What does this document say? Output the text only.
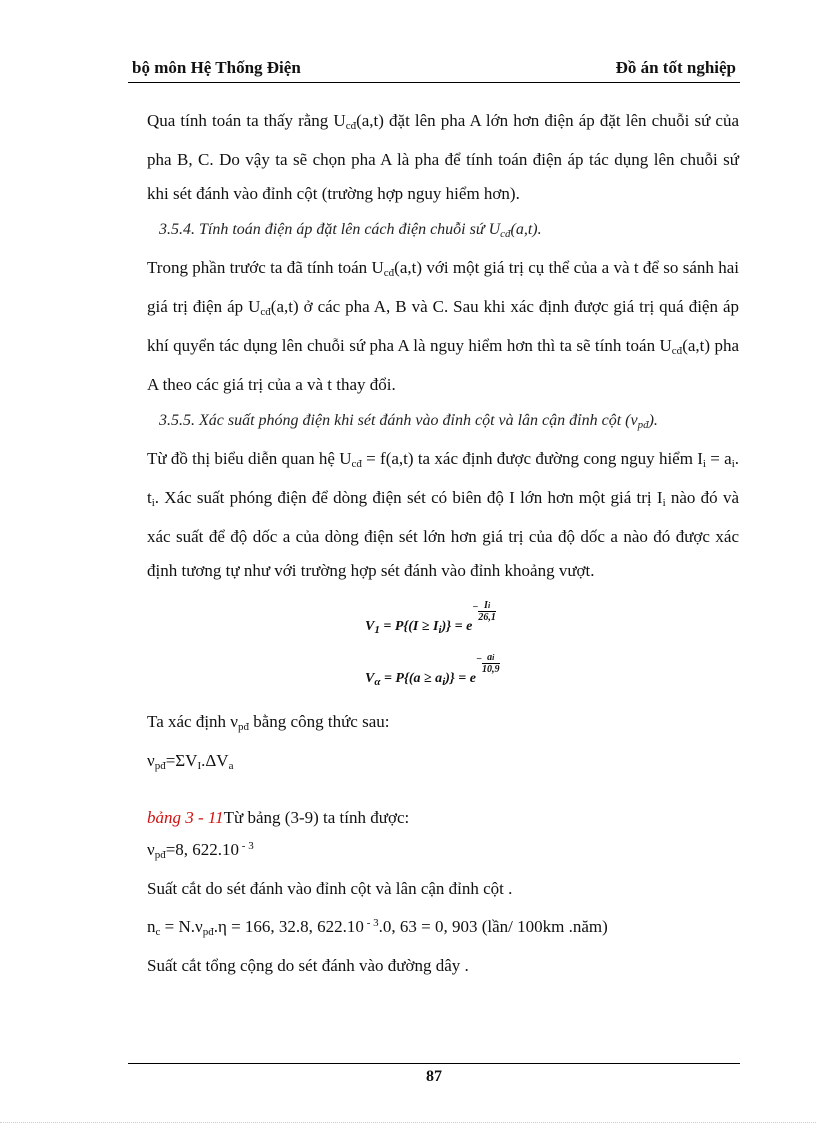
bộ môn Hệ Thống Điện	Đồ án tốt nghiệp

Qua tính toán ta thấy rằng $U_{cđ}(a,t)$ đặt lên pha A lớn hơn điện áp đặt lên chuỗi sứ của pha B, C. Do vậy ta sẽ chọn pha A là pha để tính toán điện áp tác dụng lên chuỗi sứ khi sét đánh vào đỉnh cột (trường hợp nguy hiểm hơn).

3.5.4. Tính toán điện áp đặt lên cách điện chuỗi sứ $U_{cđ}(a,t)$.

Trong phần trước ta đã tính toán $U_{cđ}(a,t)$ với một giá trị cụ thể của a và t để so sánh hai giá trị điện áp $U_{cđ}(a,t)$ ở các pha A, B và C. Sau khi xác định được giá trị quá điện áp khí quyển tác dụng lên chuỗi sứ pha A là nguy hiểm hơn thì ta sẽ tính toán $U_{cđ}(a,t)$ pha A theo các giá trị của a và t thay đổi.

3.5.5. Xác suất phóng điện khi sét đánh vào đỉnh cột và lân cận đỉnh cột $(\nu_{pđ})$.

Từ đồ thị biểu diễn quan hệ $U_{cđ} = f(a,t)$ ta xác định được đường cong nguy hiểm $I_i = a_i$. $t_i$. Xác suất phóng điện để dòng điện sét có biên độ I lớn hơn một giá trị $I_i$ nào đó và xác suất để độ dốc a của dòng điện sét lớn hơn giá trị của độ dốc a nào đó được xác định tương tự như với trường hợp sét đánh vào đỉnh khoảng vượt.

$V_1 = P\{(I \ge I_i)\} = e^- \frac{Ii}{26,1}$
$V_\alpha = P\{(a \ge a_i)\} = e^- \frac{ai}{10,9}$

Ta xác định $\nu_{pđ}$ bằng công thức sau:

$\nu_{pđ}=\Sigma V_I.\Delta V_a$

bảng 3 - 11Từ bảng (3-9) ta tính được:

$\nu_{pđ}=8$, 622.10 $^{- 3}$

Suất cắt do sét đánh vào đỉnh cột và lân cận đỉnh cột .

$n_c = N.\nu_{pđ}.\eta = 166$, 32.8, 622.10 $^{- 3}$.0, 63 = 0, 903 (lần/ 100km .năm)

Suất cắt tổng cộng do sét đánh vào đường dây .

87
